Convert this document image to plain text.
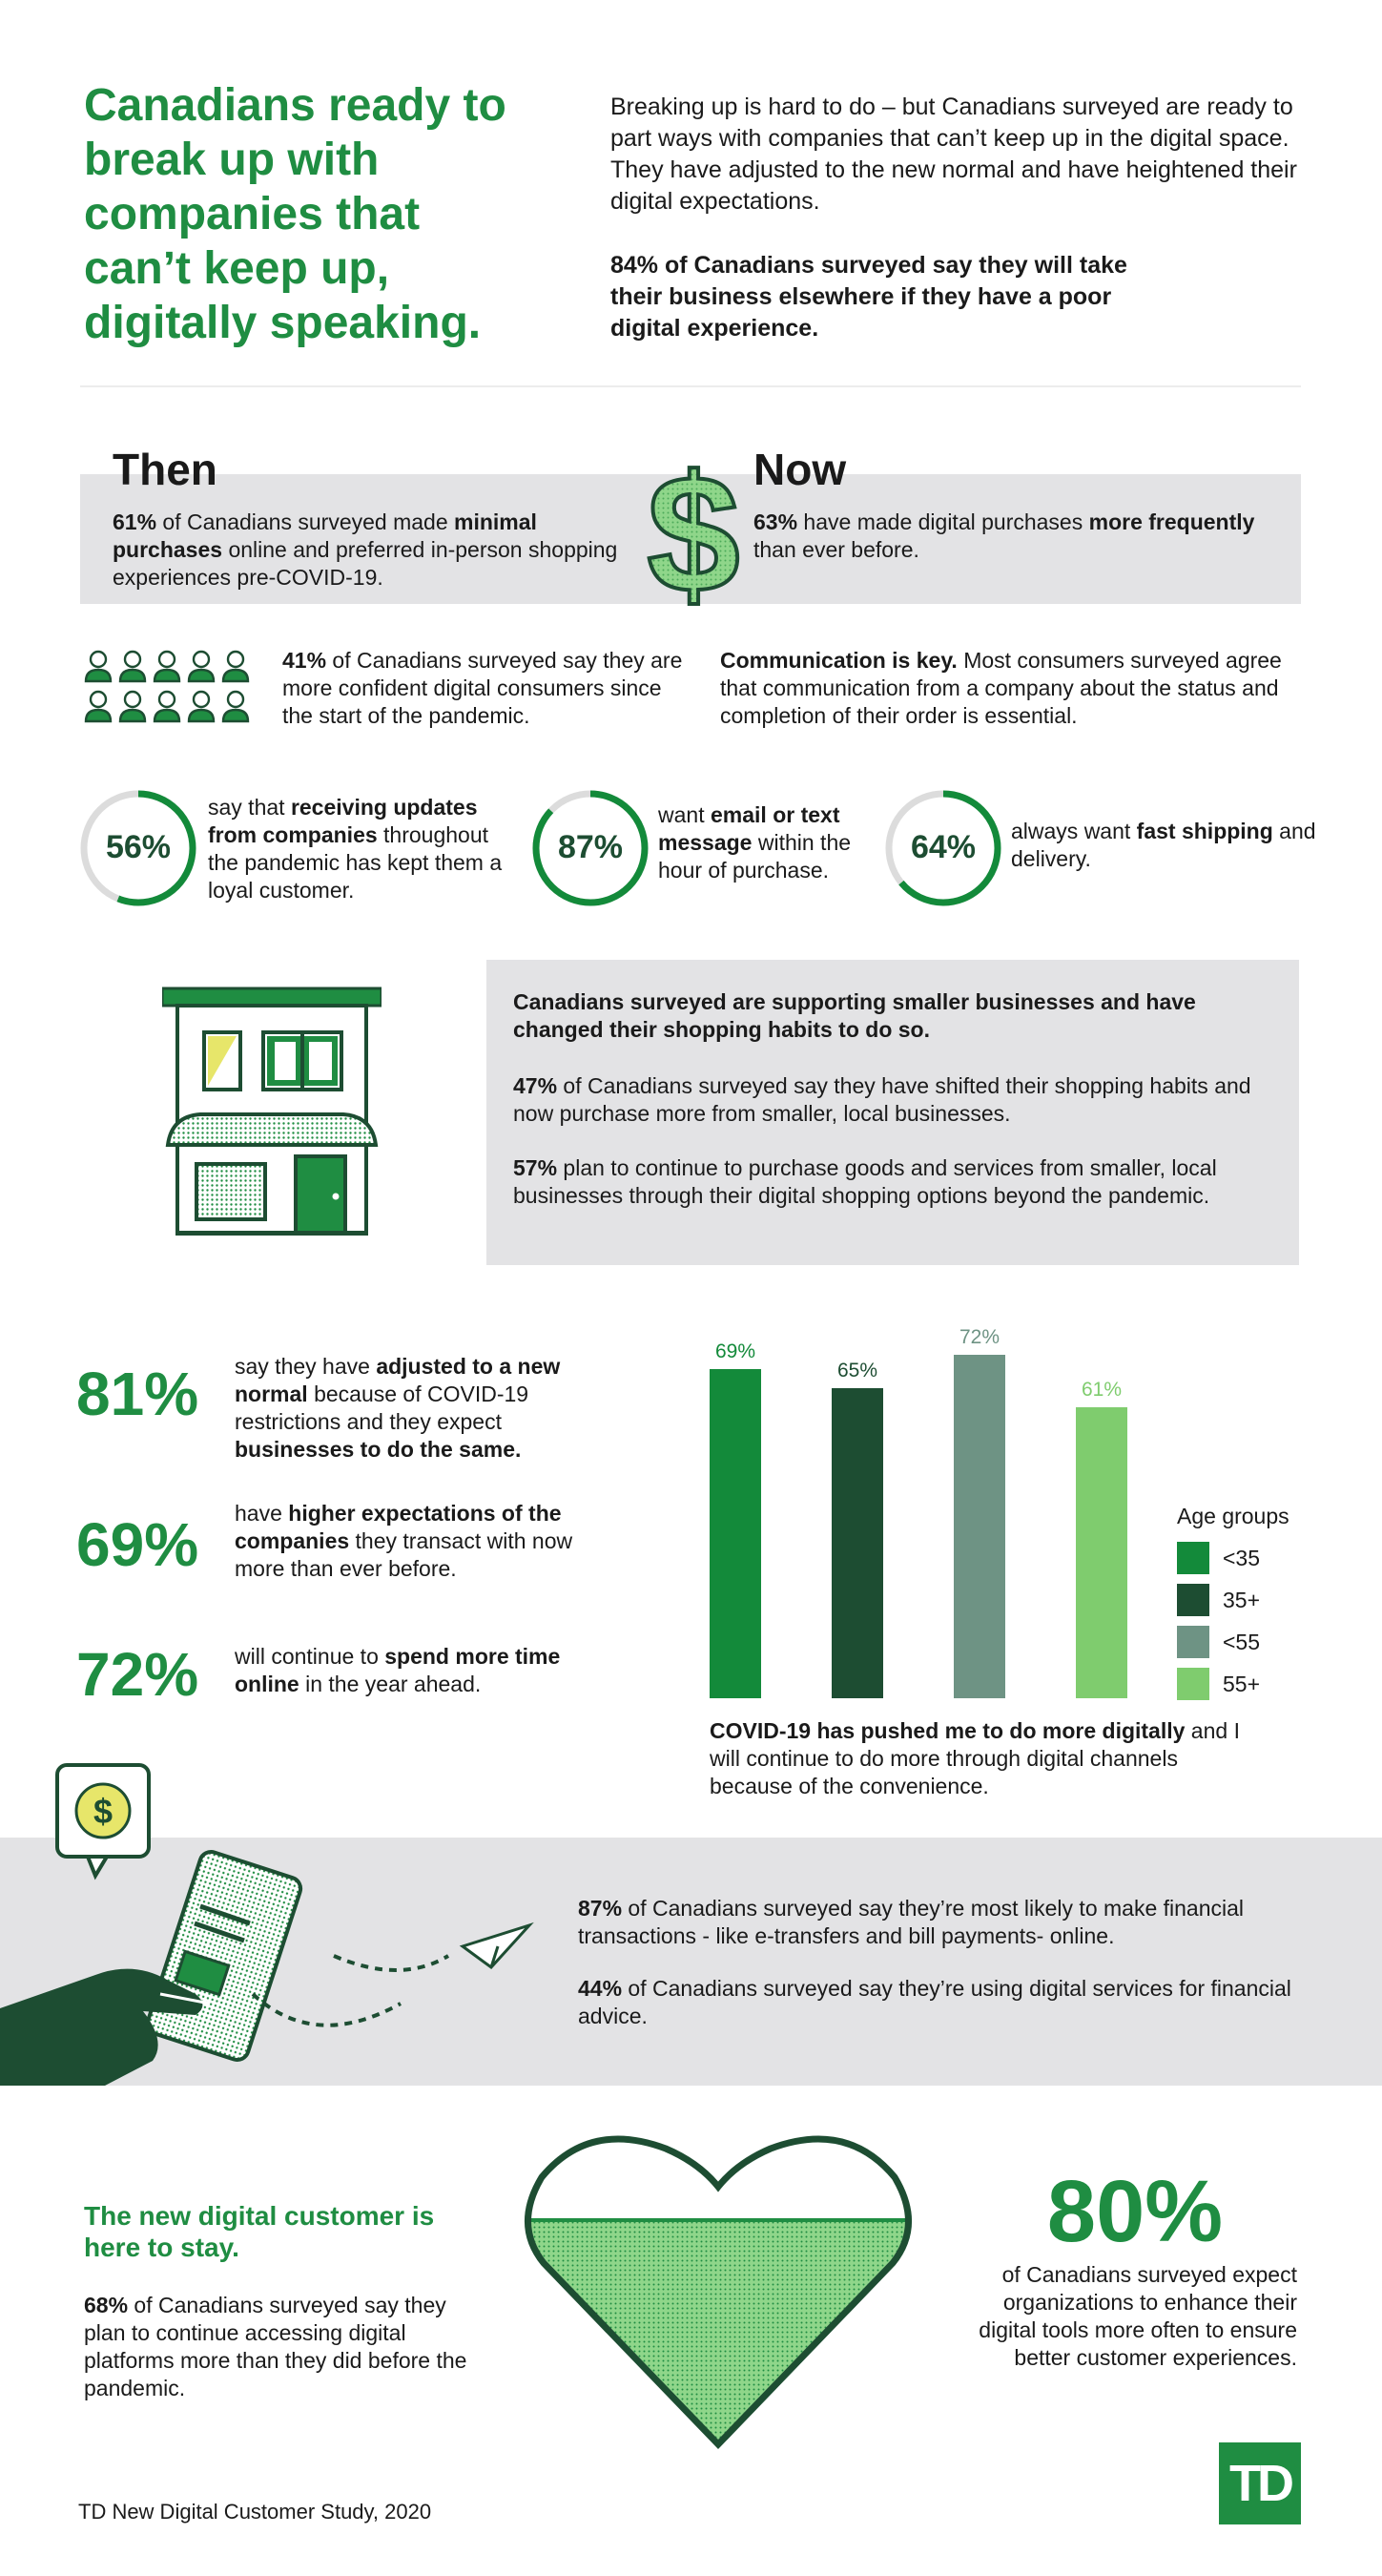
Canadians ready to break up with companies that can’t keep up, digitally speaking.

Breaking up is hard to do – but Canadians surveyed are ready to part ways with companies that can’t keep up in the digital space. They have adjusted to the new normal and have heightened their digital expectations.

84% of Canadians surveyed say they will take their business elsewhere if they have a poor digital experience.

Then

61% of Canadians surveyed made minimal purchases online and preferred in-person shopping experiences pre-COVID-19.	$ Now

63% have made digital purchases more frequently than ever before.

41% of Canadians surveyed say they are more confident digital consumers since the start of the pandemic.

Communication is key. Most consumers surveyed agree that communication from a company about the status and completion of their order is essential.

56%

say that receiving updates from companies throughout the pandemic has kept them a loyal customer.

87%

want email or text message within the hour of purchase.

64%	always want fast shipping and delivery.

Canadians surveyed are supporting smaller businesses and have changed their shopping habits to do so.

47% of Canadians surveyed say they have shifted their shopping habits and now purchase more from smaller, local businesses.

57% plan to continue to purchase goods and services from smaller, local businesses through their digital shopping options beyond the pandemic.

81% say they have adjusted to a new normal because of COVID-19 restrictions and they expect businesses to do the same.

69% have higher expectations of the companies they transact with now more than ever before.

72% will continue to spend more time online in the year ahead.

69%
65%
72%
61%
Age groups
<35
35+
<55
55+

COVID-19 has pushed me to do more digitally and I will continue to do more through digital channels because of the convenience.

$

87% of Canadians surveyed say they’re most likely to make financial transactions - like e-transfers and bill payments- online.

44% of Canadians surveyed say they’re using digital services for financial advice.

The new digital customer is here to stay.

68% of Canadians surveyed say they plan to continue accessing digital platforms more than they did before the pandemic.

80%

of Canadians surveyed expect organizations to enhance their digital tools more often to ensure better customer experiences.

TD New Digital Customer Study, 2020	TD
